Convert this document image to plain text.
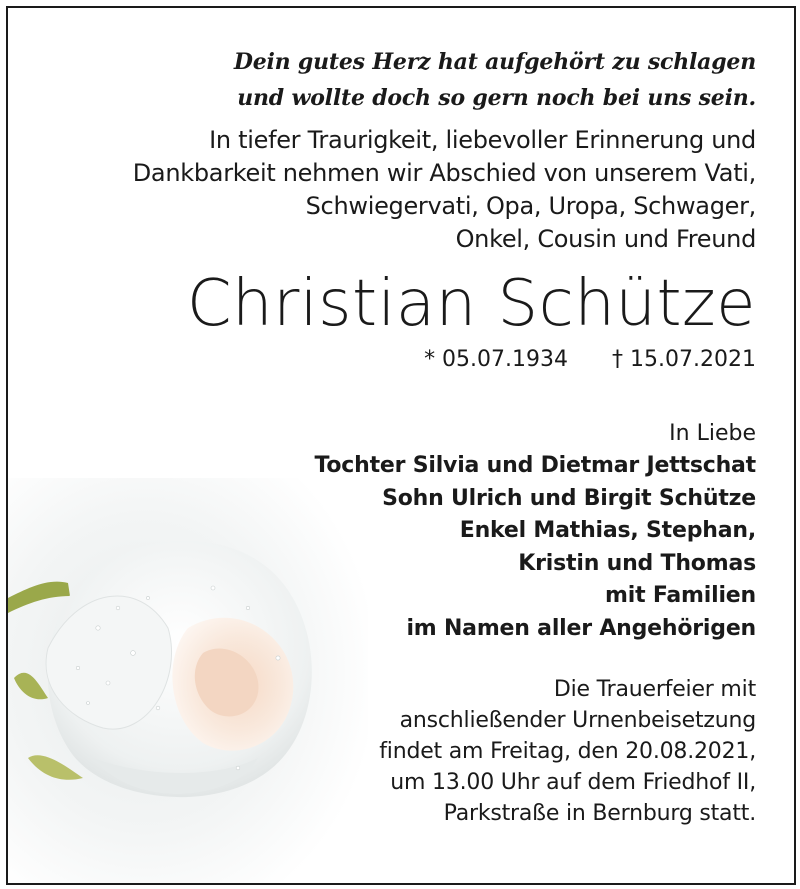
Dein gutes Herz hat aufgehört zu schlagen
und wollte doch so gern noch bei uns sein.
In tiefer Traurigkeit, liebevoller Erinnerung und
Dankbarkeit nehmen wir Abschied von unserem Vati,
Schwiegervati, Opa, Uropa, Schwager,
Onkel, Cousin und Freund
Christian Schütze
* 05.07.1934 † 15.07.2021
In Liebe
Tochter Silvia und Dietmar Jettschat
Sohn Ulrich und Birgit Schütze
Enkel Mathias, Stephan,
Kristin und Thomas
mit Familien
im Namen aller Angehörigen
Die Trauerfeier mit
anschließender Urnenbeisetzung
findet am Freitag, den 20.08.2021,
um 13.00 Uhr auf dem Friedhof II,
Parkstraße in Bernburg statt.
